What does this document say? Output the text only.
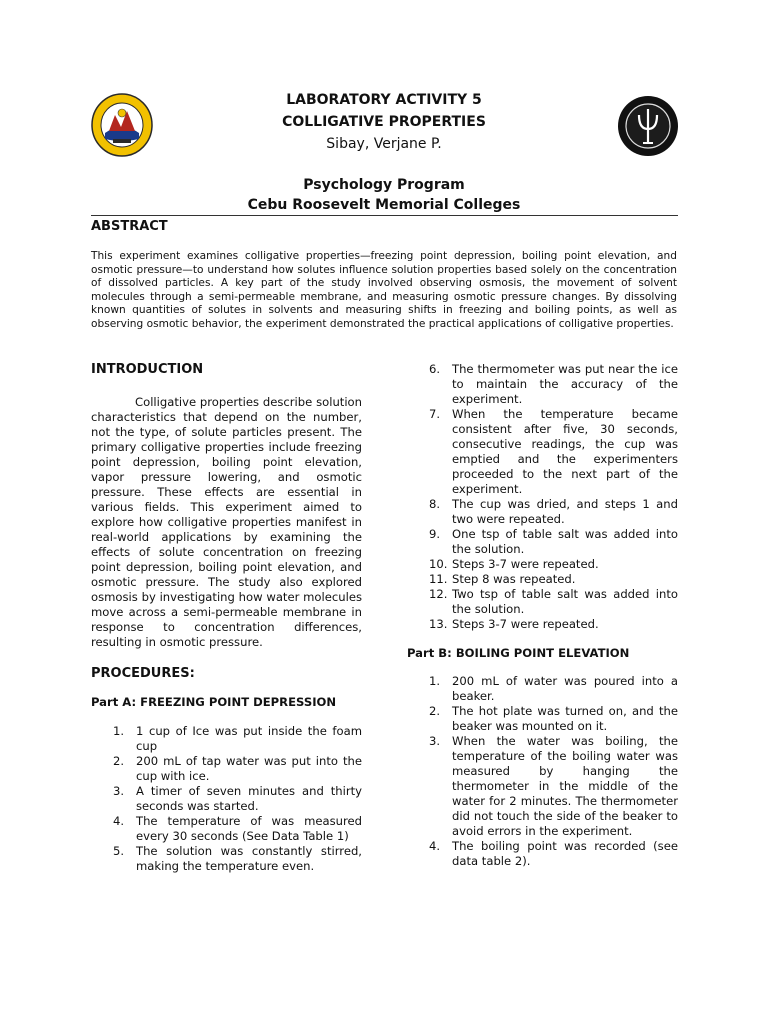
LABORATORY ACTIVITY 5
COLLIGATIVE PROPERTIES
Sibay, Verjane P.
Psychology Program
Cebu Roosevelt Memorial Colleges
ABSTRACT

This experiment examines colligative properties—freezing point depression, boiling point elevation, and osmotic pressure—to understand how solutes influence solution properties based solely on the concentration of dissolved particles. A key part of the study involved observing osmosis, the movement of solvent molecules through a semi-permeable membrane, and measuring osmotic pressure changes. By dissolving known quantities of solutes in solvents and measuring shifts in freezing and boiling points, as well as observing osmotic behavior, the experiment demonstrated the practical applications of colligative properties.

INTRODUCTION

Colligative properties describe solution characteristics that depend on the number, not the type, of solute particles present. The primary colligative properties include freezing point depression, boiling point elevation, vapor pressure lowering, and osmotic pressure. These effects are essential in various fields. This experiment aimed to explore how colligative properties manifest in real-world applications by examining the effects of solute concentration on freezing point depression, boiling point elevation, and osmotic pressure. The study also explored osmosis by investigating how water molecules move across a semi-permeable membrane in response to concentration differences, resulting in osmotic pressure.

PROCEDURES:

Part A: FREEZING POINT DEPRESSION

1. 1 cup of Ice was put inside the foam cup
2. 200 mL of tap water was put into the cup with ice.
3. A timer of seven minutes and thirty seconds was started.
4. The temperature of was measured every 30 seconds (See Data Table 1)
5. The solution was constantly stirred, making the temperature even.
6. The thermometer was put near the ice to maintain the accuracy of the experiment.
7. When the temperature became consistent after five, 30 seconds, consecutive readings, the cup was emptied and the experimenters proceeded to the next part of the experiment.
8. The cup was dried, and steps 1 and two were repeated.
9. One tsp of table salt was added into the solution.
10. Steps 3-7 were repeated.
11. Step 8 was repeated.
12. Two tsp of table salt was added into the solution.
13. Steps 3-7 were repeated.

Part B: BOILING POINT ELEVATION

1. 200 mL of water was poured into a beaker.
2. The hot plate was turned on, and the beaker was mounted on it.
3. When the water was boiling, the temperature of the boiling water was measured by hanging the thermometer in the middle of the water for 2 minutes. The thermometer did not touch the side of the beaker to avoid errors in the experiment.
4. The boiling point was recorded (see data table 2).
